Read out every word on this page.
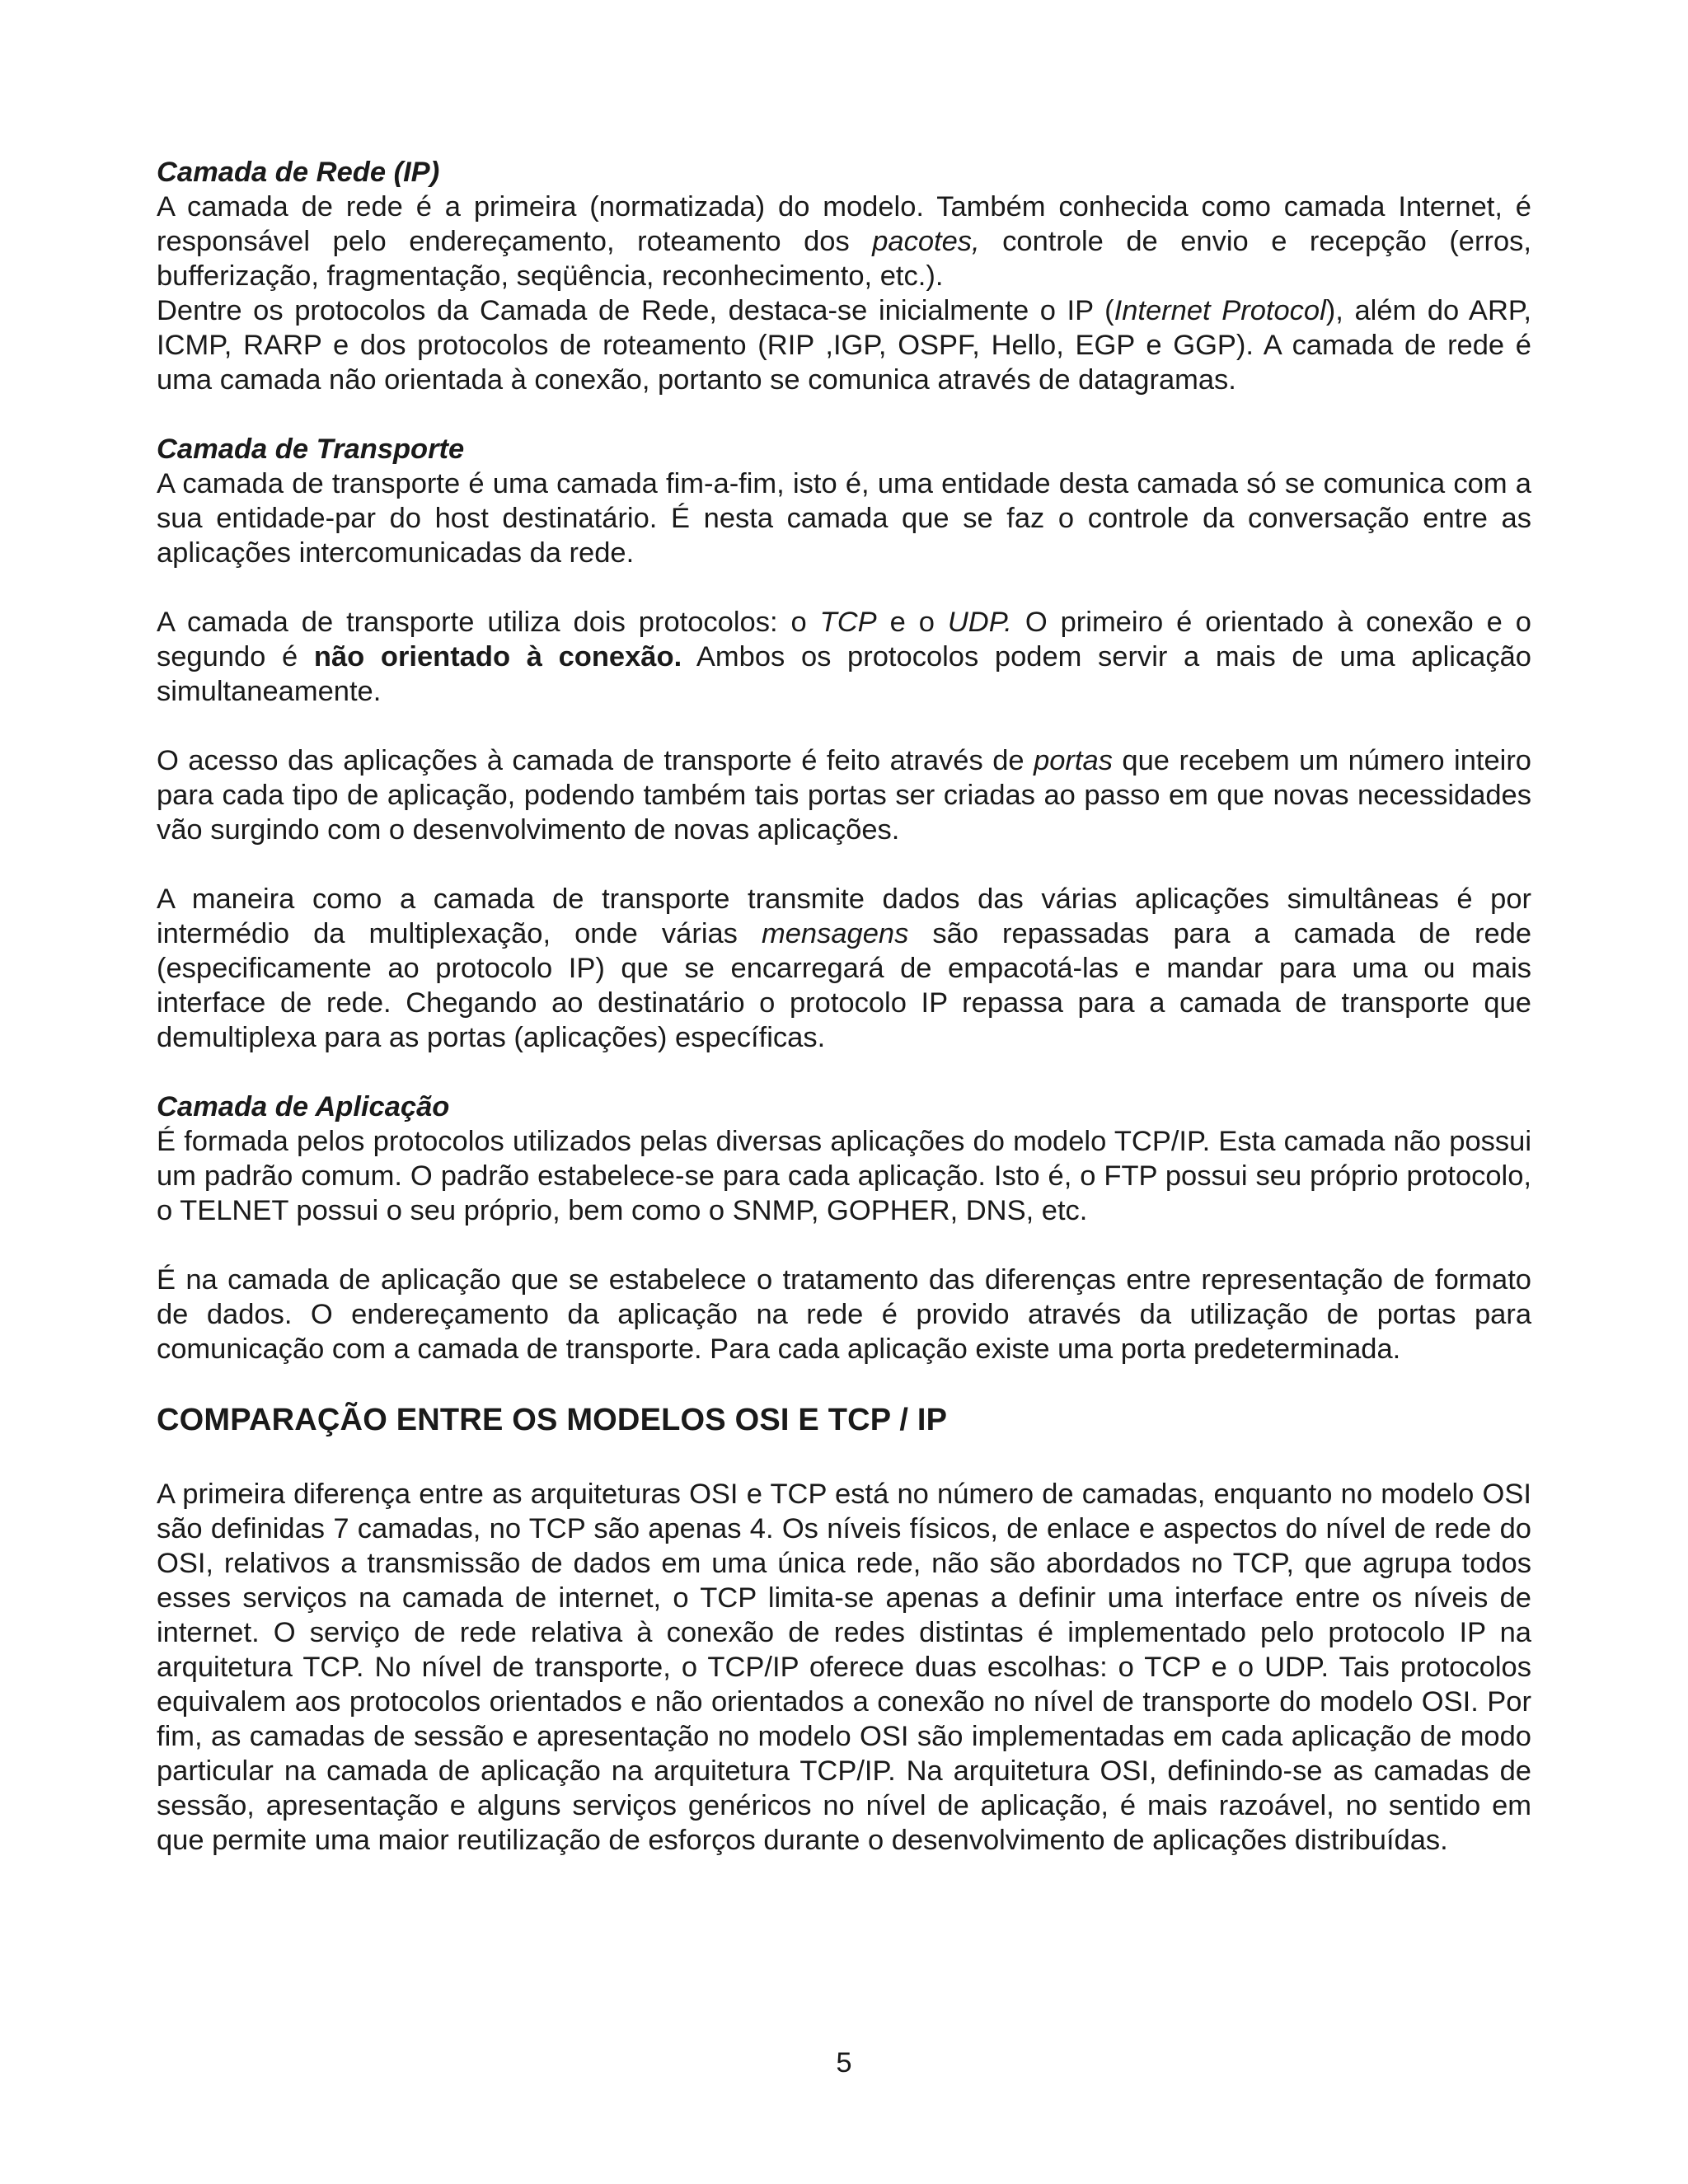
Camada de Rede (IP)

A camada de rede é a primeira (normatizada) do modelo. Também conhecida como camada Internet, é responsável pelo endereçamento, roteamento dos pacotes, controle de envio e recepção (erros, bufferização, fragmentação, seqüência, reconhecimento, etc.).

Dentre os protocolos da Camada de Rede, destaca-se inicialmente o IP (Internet Protocol), além do ARP, ICMP, RARP e dos protocolos de roteamento (RIP ,IGP, OSPF, Hello, EGP e GGP). A camada de rede é uma camada não orientada à conexão, portanto se comunica através de datagramas.

Camada de Transporte

A camada de transporte é uma camada fim-a-fim, isto é, uma entidade desta camada só se comunica com a sua entidade-par do host destinatário. É nesta camada que se faz o controle da conversação entre as aplicações intercomunicadas da rede.

A camada de transporte utiliza dois protocolos: o TCP e o UDP. O primeiro é orientado à conexão e o segundo é não orientado à conexão. Ambos os protocolos podem servir a mais de uma aplicação simultaneamente.

O acesso das aplicações à camada de transporte é feito através de portas que recebem um número inteiro para cada tipo de aplicação, podendo também tais portas ser criadas ao passo em que novas necessidades vão surgindo com o desenvolvimento de novas aplicações.

A maneira como a camada de transporte transmite dados das várias aplicações simultâneas é por intermédio da multiplexação, onde várias mensagens são repassadas para a camada de rede (especificamente ao protocolo IP) que se encarregará de empacotá-las e mandar para uma ou mais interface de rede. Chegando ao destinatário o protocolo IP repassa para a camada de transporte que demultiplexa para as portas (aplicações) específicas.

Camada de Aplicação

É formada pelos protocolos utilizados pelas diversas aplicações do modelo TCP/IP. Esta camada não possui um padrão comum. O padrão estabelece-se para cada aplicação. Isto é, o FTP possui seu próprio protocolo, o TELNET possui o seu próprio, bem como o SNMP, GOPHER, DNS, etc.

É na camada de aplicação que se estabelece o tratamento das diferenças entre representação de formato de dados. O endereçamento da aplicação na rede é provido através da utilização de portas para comunicação com a camada de transporte. Para cada aplicação existe uma porta predeterminada.

COMPARAÇÃO ENTRE OS MODELOS OSI E TCP / IP

A primeira diferença entre as arquiteturas OSI e TCP está no número de camadas, enquanto no modelo OSI são definidas 7 camadas, no TCP são apenas 4. Os níveis físicos, de enlace e aspectos do nível de rede do OSI, relativos a transmissão de dados em uma única rede, não são abordados no TCP, que agrupa todos esses serviços na camada de internet, o TCP limita-se apenas a definir uma interface entre os níveis de internet. O serviço de rede relativa à conexão de redes distintas é implementado pelo protocolo IP na arquitetura TCP. No nível de transporte, o TCP/IP oferece duas escolhas: o TCP e o UDP. Tais protocolos equivalem aos protocolos orientados e não orientados a conexão no nível de transporte do modelo OSI. Por fim, as camadas de sessão e apresentação no modelo OSI são implementadas em cada aplicação de modo particular na camada de aplicação na arquitetura TCP/IP. Na arquitetura OSI, definindo-se as camadas de sessão, apresentação e alguns serviços genéricos no nível de aplicação, é mais razoável, no sentido em que permite uma maior reutilização de esforços durante o desenvolvimento de aplicações distribuídas.

5
